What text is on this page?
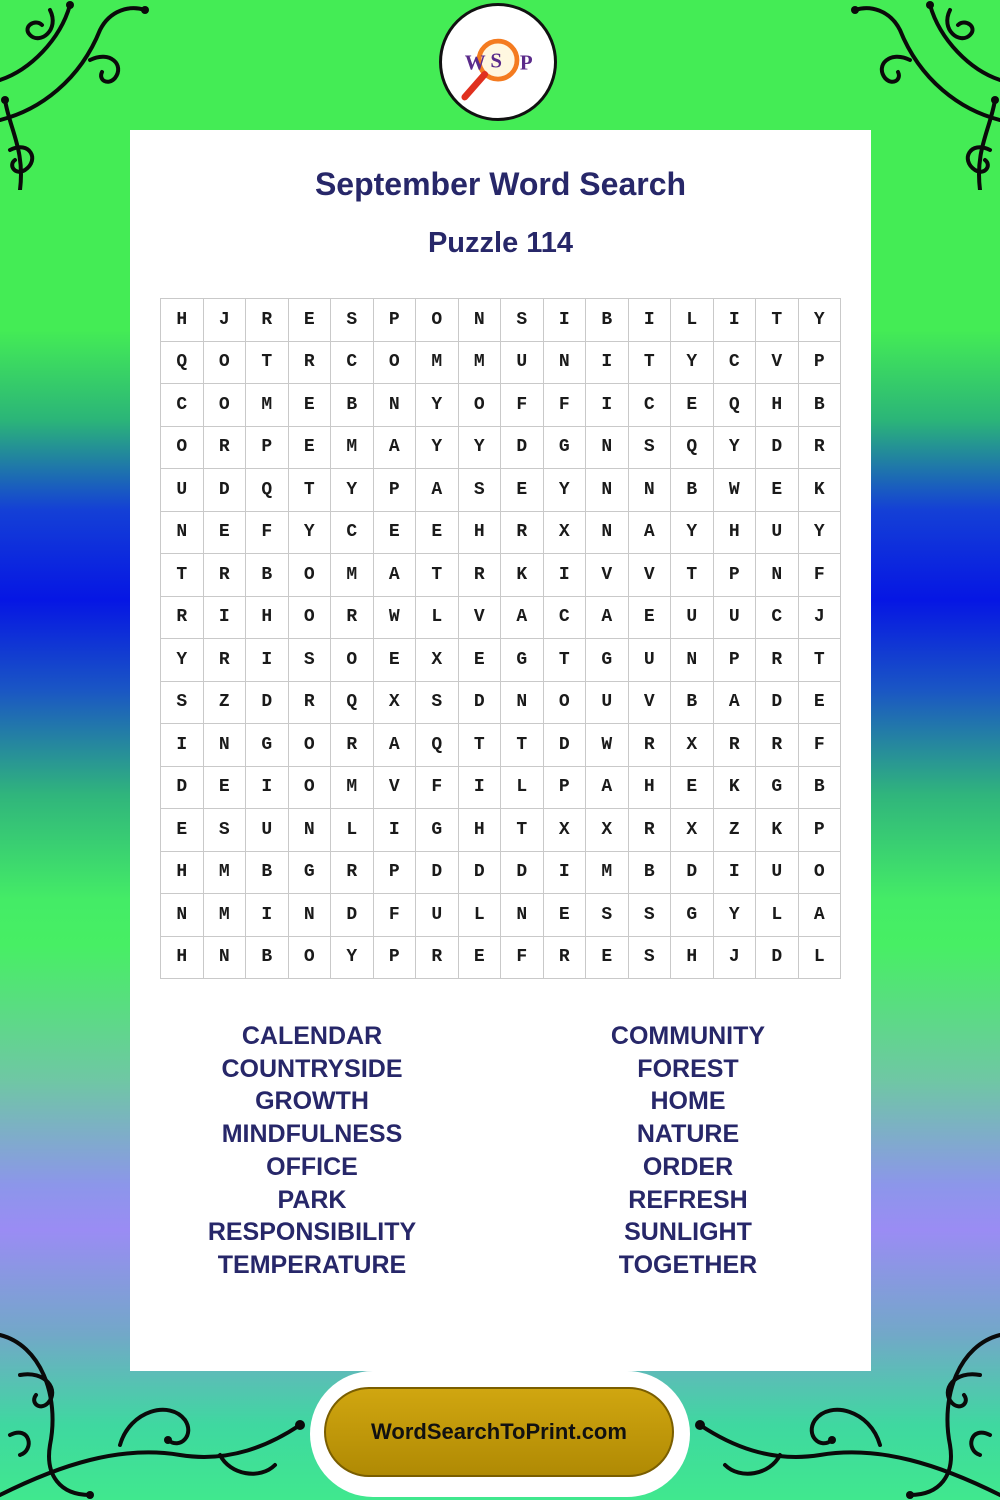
W S P
September Word Search
Puzzle 114
H	J	R	E	S	P	O	N	S	I	B	I	L	I	T	Y
Q	O	T	R	C	O	M	M	U	N	I	T	Y	C	V	P
C	O	M	E	B	N	Y	O	F	F	I	C	E	Q	H	B
O	R	P	E	M	A	Y	Y	D	G	N	S	Q	Y	D	R
U	D	Q	T	Y	P	A	S	E	Y	N	N	B	W	E	K
N	E	F	Y	C	E	E	H	R	X	N	A	Y	H	U	Y
T	R	B	O	M	A	T	R	K	I	V	V	T	P	N	F
R	I	H	O	R	W	L	V	A	C	A	E	U	U	C	J
Y	R	I	S	O	E	X	E	G	T	G	U	N	P	R	T
S	Z	D	R	Q	X	S	D	N	O	U	V	B	A	D	E
I	N	G	O	R	A	Q	T	T	D	W	R	X	R	R	F
D	E	I	O	M	V	F	I	L	P	A	H	E	K	G	B
E	S	U	N	L	I	G	H	T	X	X	R	X	Z	K	P
H	M	B	G	R	P	D	D	D	I	M	B	D	I	U	O
N	M	I	N	D	F	U	L	N	E	S	S	G	Y	L	A
H	N	B	O	Y	P	R	E	F	R	E	S	H	J	D	L
CALENDAR
COUNTRYSIDE
GROWTH
MINDFULNESS
OFFICE
PARK
RESPONSIBILITY
TEMPERATURE
COMMUNITY
FOREST
HOME
NATURE
ORDER
REFRESH
SUNLIGHT
TOGETHER
WordSearchToPrint.com
